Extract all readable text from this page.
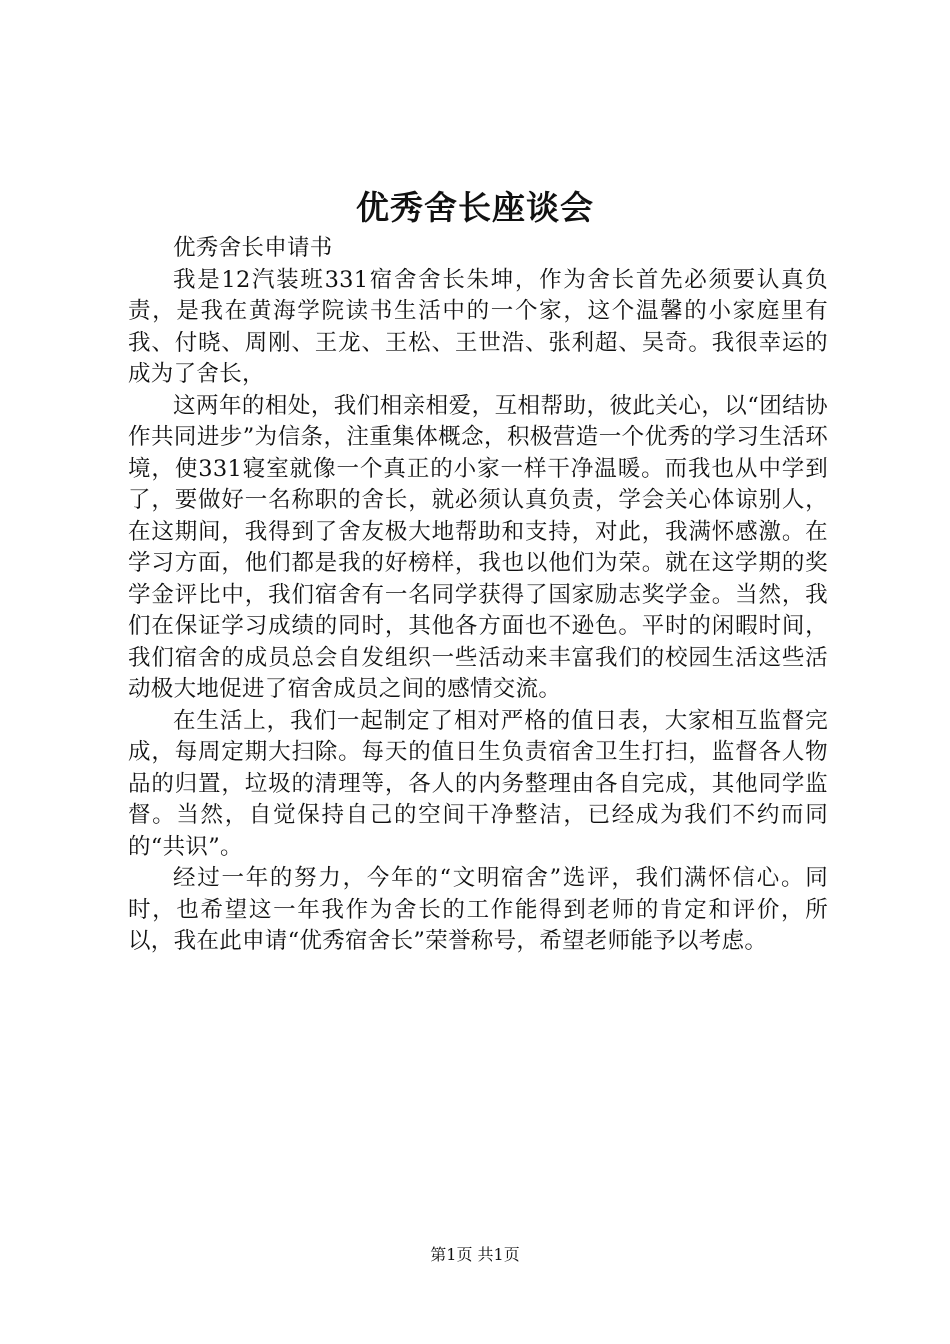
优秀舍长座谈会

优秀舍长申请书

我是12汽装班331宿舍舍长朱坤，作为舍长首先必须要认真负责，是我在黄海学院读书生活中的一个家，这个温馨的小家庭里有我、付晓、周刚、王龙、王松、王世浩、张利超、吴奇。我很幸运的成为了舍长，

这两年的相处，我们相亲相爱，互相帮助，彼此关心，以“团结协作共同进步”为信条，注重集体概念，积极营造一个优秀的学习生活环境，使331寝室就像一个真正的小家一样干净温暖。而我也从中学到了，要做好一名称职的舍长，就必须认真负责，学会关心体谅别人，在这期间，我得到了舍友极大地帮助和支持，对此，我满怀感激。在学习方面，他们都是我的好榜样，我也以他们为荣。就在这学期的奖学金评比中，我们宿舍有一名同学获得了国家励志奖学金。当然，我们在保证学习成绩的同时，其他各方面也不逊色。平时的闲暇时间，我们宿舍的成员总会自发组织一些活动来丰富我们的校园生活这些活动极大地促进了宿舍成员之间的感情交流。

在生活上，我们一起制定了相对严格的值日表，大家相互监督完成，每周定期大扫除。每天的值日生负责宿舍卫生打扫，监督各人物品的归置，垃圾的清理等，各人的内务整理由各自完成，其他同学监督。当然，自觉保持自己的空间干净整洁，已经成为我们不约而同的“共识”。

经过一年的努力，今年的“文明宿舍”选评，我们满怀信心。同时，也希望这一年我作为舍长的工作能得到老师的肯定和评价，所以，我在此申请“优秀宿舍长”荣誉称号，希望老师能予以考虑。

第1页 共1页
